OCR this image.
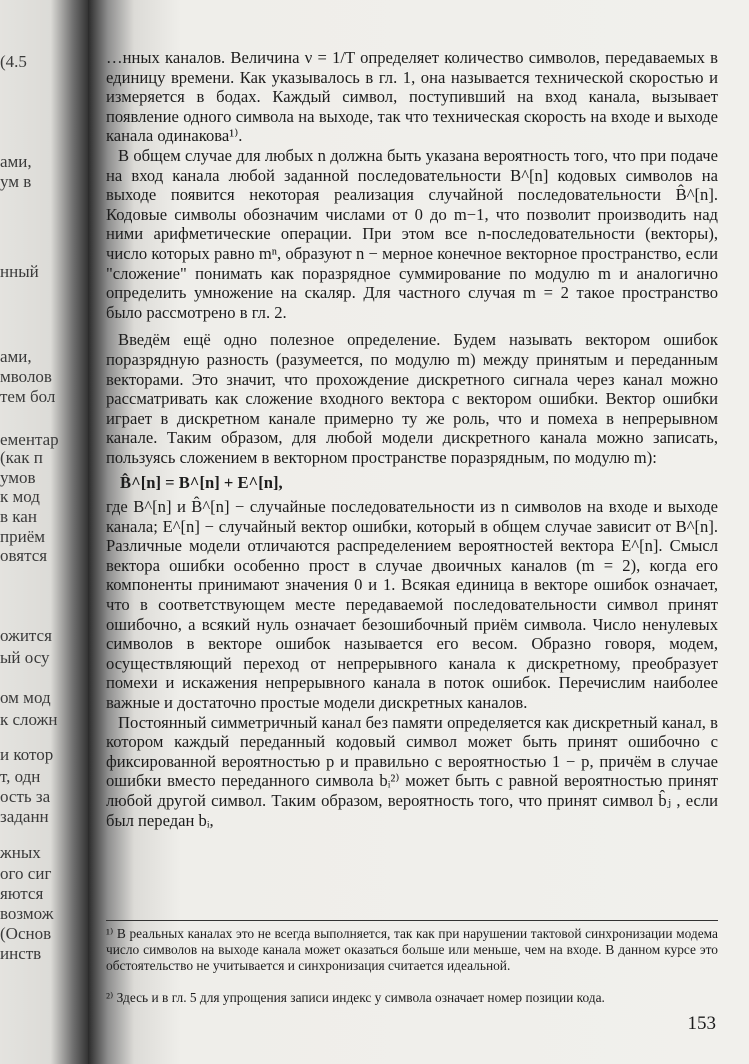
(4.5
ами,
ум в
нный
ами,
мволов
тем бол
ементар
(как п
умов
к мод
в кан
приём
овятся
ожится
ый осу
ом мод
к сложн
и котор
т, одн
ость за
заданн
жных
ого сиг
яются
возмож
(Основ
инств

…нных каналов. Величина ν = 1/T определяет количество символов, передаваемых в единицу времени. Как указывалось в гл. 1, она называется технической скоростью и измеряется в бодах. Каждый символ, поступивший на вход канала, вызывает появление одного символа на выходе, так что техническая скорость на входе и выходе канала одинакова¹⁾.

В общем случае для любых n должна быть указана вероятность того, что при подаче на вход канала любой заданной последовательности B^[n] кодовых символов на выходе появится некоторая реализация случайной последовательности B̂^[n]. Кодовые символы обозначим числами от 0 до m−1, что позволит производить над ними арифметические операции. При этом все n-последовательности (векторы), число которых равно mⁿ, образуют n − мерное конечное векторное пространство, если "сложение" понимать как поразрядное суммирование по модулю m и аналогично определить умножение на скаляр. Для частного случая m = 2 такое пространство было рассмотрено в гл. 2.

Введём ещё одно полезное определение. Будем называть вектором ошибок поразрядную разность (разумеется, по модулю m) между принятым и переданным векторами. Это значит, что прохождение дискретного сигнала через канал можно рассматривать как сложение входного вектора с вектором ошибки. Вектор ошибки играет в дискретном канале примерно ту же роль, что и помеха в непрерывном канале. Таким образом, для любой модели дискретного канала можно записать, пользуясь сложением в векторном пространстве поразрядным, по модулю m):

B̂^[n] = B^[n] + E^[n],

где B^[n] и B̂^[n] − случайные последовательности из n символов на входе и выходе канала; E^[n] − случайный вектор ошибки, который в общем случае зависит от B^[n]. Различные модели отличаются распределением вероятностей вектора E^[n]. Смысл вектора ошибки особенно прост в случае двоичных каналов (m = 2), когда его компоненты принимают значения 0 и 1. Всякая единица в векторе ошибок означает, что в соответствующем месте передаваемой последовательности символ принят ошибочно, а всякий нуль означает безошибочный приём символа. Число ненулевых символов в векторе ошибок называется его весом. Образно говоря, модем, осуществляющий переход от непрерывного канала к дискретному, преобразует помехи и искажения непрерывного канала в поток ошибок. Перечислим наиболее важные и достаточно простые модели дискретных каналов.

Постоянный симметричный канал без памяти определяется как дискретный канал, в котором каждый переданный кодовый символ может быть принят ошибочно с фиксированной вероятностью p и правильно с вероятностью 1 − p, причём в случае ошибки вместо переданного символа bᵢ²⁾ может быть с равной вероятностью принят любой другой символ. Таким образом, вероятность того, что принят символ b̂ⱼ , если был передан bᵢ,

¹⁾ В реальных каналах это не всегда выполняется, так как при нарушении тактовой синхронизации модема число символов на выходе канала может оказаться больше или меньше, чем на входе. В данном курсе это обстоятельство не учитывается и синхронизация считается идеальной.

²⁾ Здесь и в гл. 5 для упрощения записи индекс у символа означает номер позиции кода.

153
